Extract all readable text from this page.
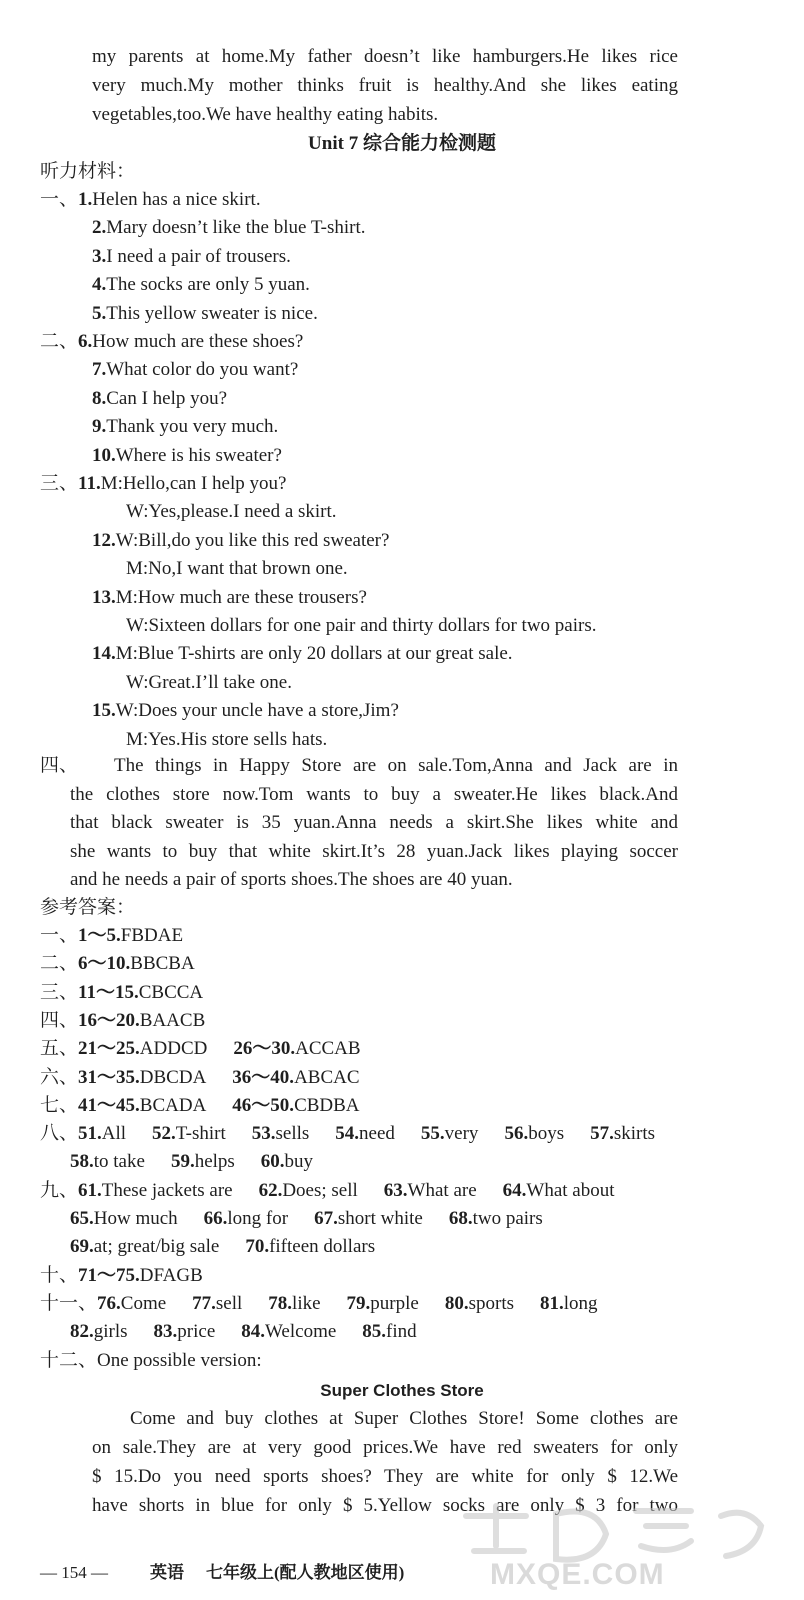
my parents at home.My father doesn’t like hamburgers.He likes rice
very much.My mother thinks fruit is healthy.And she likes eating
vegetables,too.We have healthy eating habits.
Unit 7 综合能力检测题
听力材料：
一、1.Helen has a nice skirt.
2.Mary doesn’t like the blue T-shirt.
3.I need a pair of trousers.
4.The socks are only 5 yuan.
5.This yellow sweater is nice.
二、6.How much are these shoes?
7.What color do you want?
8.Can I help you?
9.Thank you very much.
10.Where is his sweater?
三、11.M:Hello,can I help you?
W:Yes,please.I need a skirt.
12.W:Bill,do you like this red sweater?
M:No,I want that brown one.
13.M:How much are these trousers?
W:Sixteen dollars for one pair and thirty dollars for two pairs.
14.M:Blue T-shirts are only 20 dollars at our great sale.
W:Great.I’ll take one.
15.W:Does your uncle have a store,Jim?
M:Yes.His store sells hats.
四、 The things in Happy Store are on sale.Tom,Anna and Jack are in
the clothes store now.Tom wants to buy a sweater.He likes black.And
that black sweater is 35 yuan.Anna needs a skirt.She likes white and
she wants to buy that white skirt.It’s 28 yuan.Jack likes playing soccer
and he needs a pair of sports shoes.The shoes are 40 yuan.
参考答案：
一、1～5.FBDAE
二、6～10.BBCBA
三、11～15.CBCCA
四、16～20.BAACB
五、21～25.ADDCD 26～30.ACCAB
六、31～35.DBCDA 36～40.ABCAC
七、41～45.BCADA 46～50.CBDBA
八、51.All 52.T-shirt 53.sells 54.need 55.very 56.boys 57.skirts
58.to take 59.helps 60.buy
九、61.These jackets are 62.Does; sell 63.What are 64.What about
65.How much 66.long for 67.short white 68.two pairs
69.at; great/big sale 70.fifteen dollars
十、71～75.DFAGB
十一、76.Come 77.sell 78.like 79.purple 80.sports 81.long
82.girls 83.price 84.Welcome 85.find
十二、One possible version:
Super Clothes Store
Come and buy clothes at Super Clothes Store! Some clothes are
on sale.They are at very good prices.We have red sweaters for only
$ 15.Do you need sports shoes? They are white for only $ 12.We
have shorts in blue for only $ 5.Yellow socks are only $ 3 for two
— 154 — 英语 七年级上(配人教地区使用)	MXQE.COM
